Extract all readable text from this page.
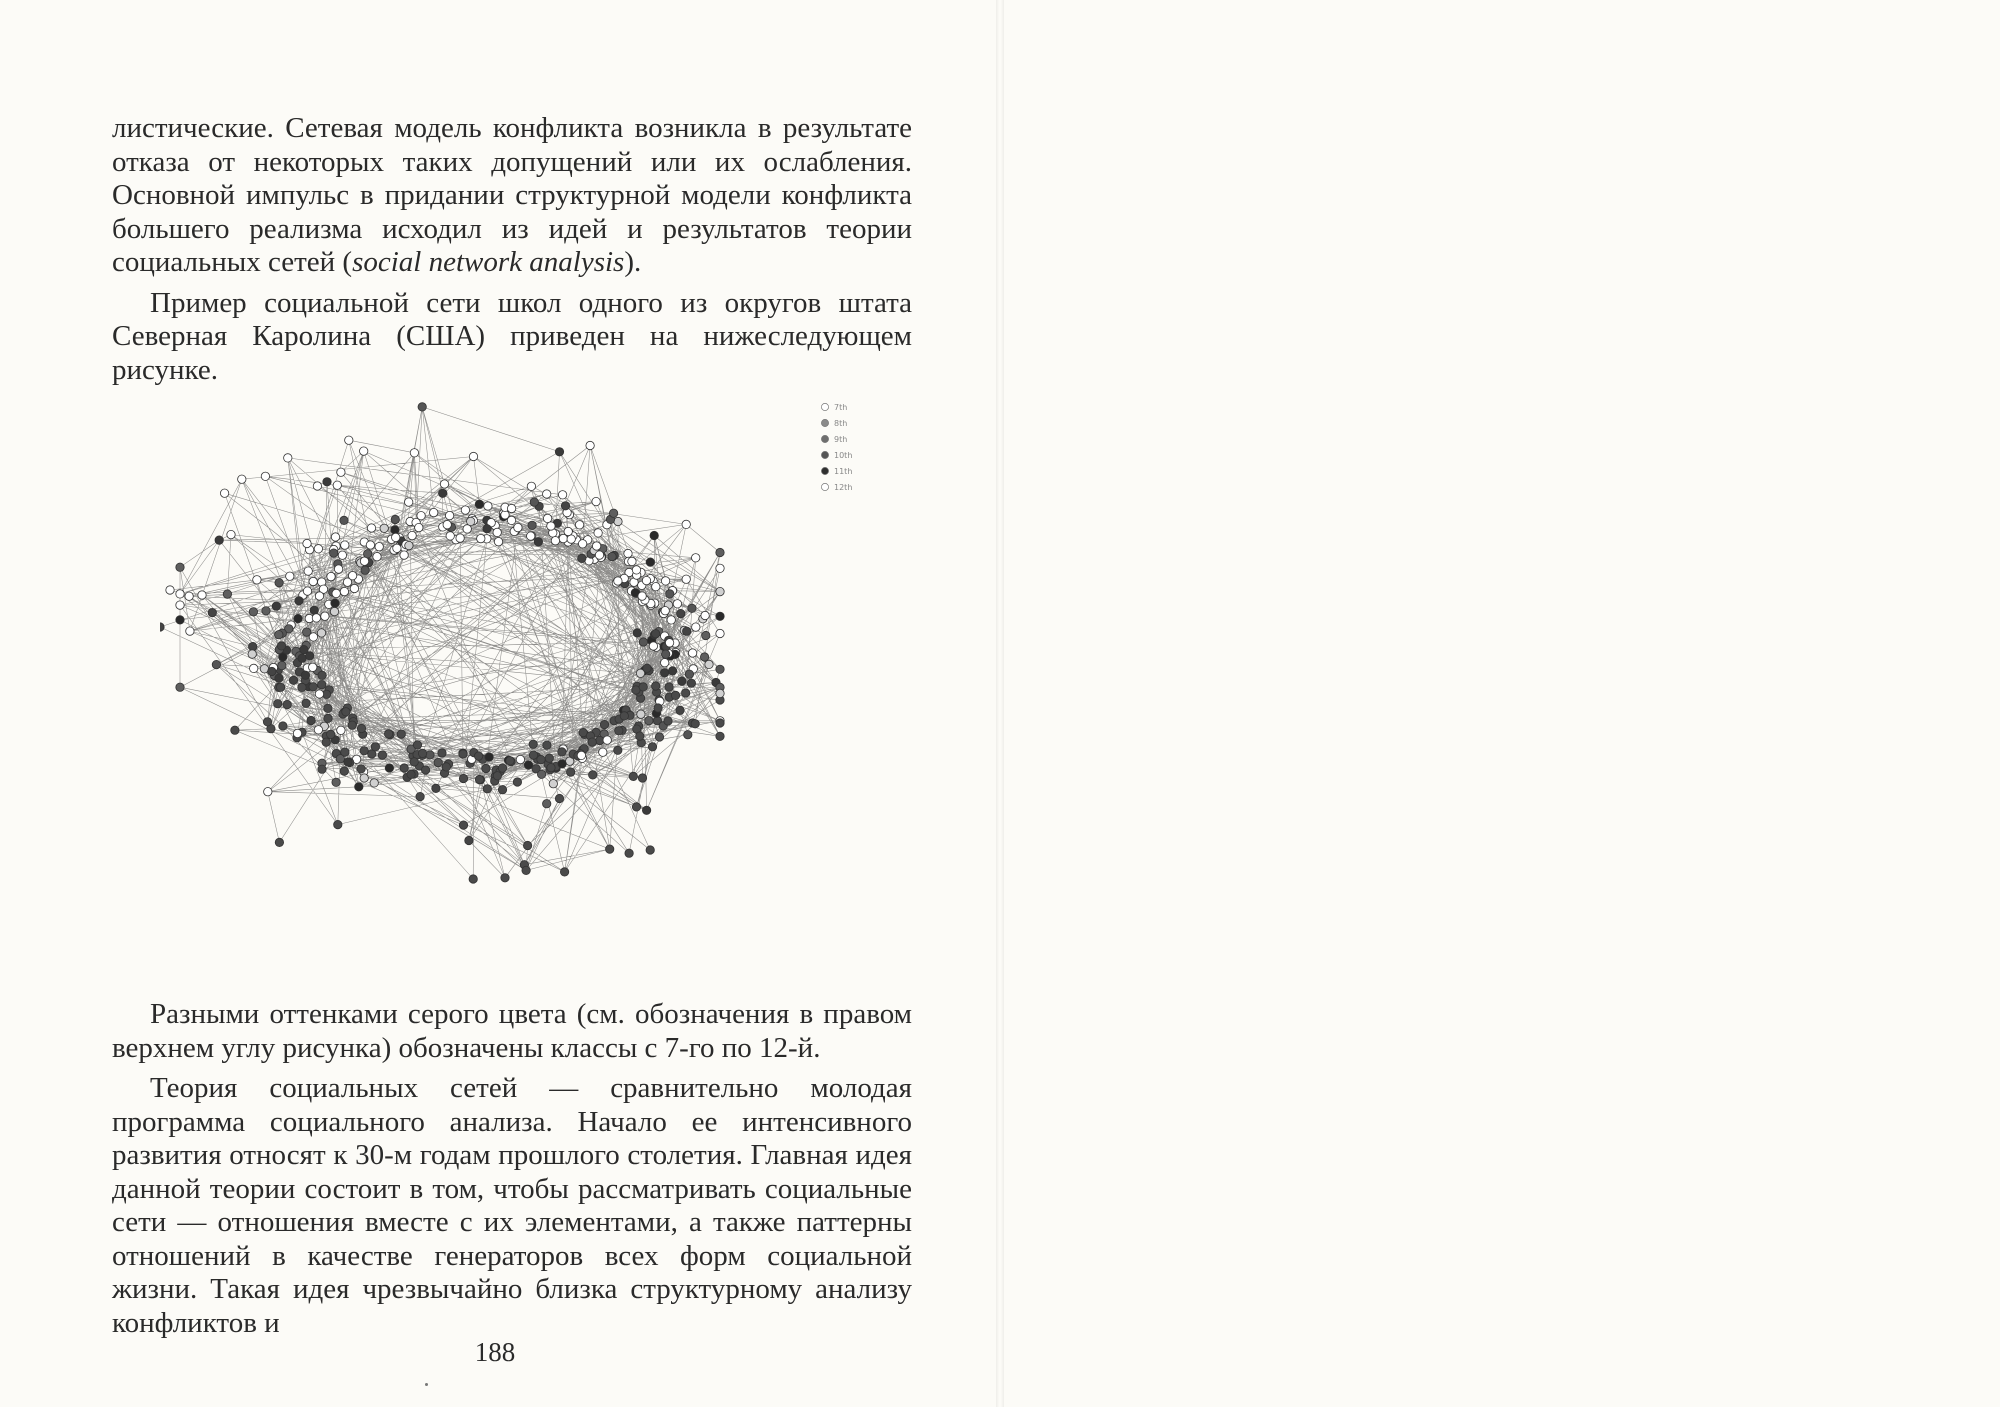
листические. Сетевая модель конфликта возникла в результате отказа от некоторых таких допущений или их ослабления. Основной импульс в придании структурной модели конфликта большего реализма исходил из идей и результатов теории социальных сетей (social network analysis).

Пример социальной сети школ одного из округов штата Северная Каролина (США) приведен на нижеследующем рисунке.

7th
8th
9th
10th
11th
12th

Разными оттенками серого цвета (см. обозначения в правом верхнем углу рисунка) обозначены классы с 7-го по 12-й.

Теория социальных сетей — сравнительно молодая программа социального анализа. Начало ее интенсивного развития относят к 30-м годам прошлого столетия. Главная идея данной теории состоит в том, чтобы рассматривать социальные сети — отношения вместе с их элементами, а также паттерны отношений в качестве генераторов всех форм социальной жизни. Такая идея чрезвычайно близка структурному анализу конфликтов и

188
